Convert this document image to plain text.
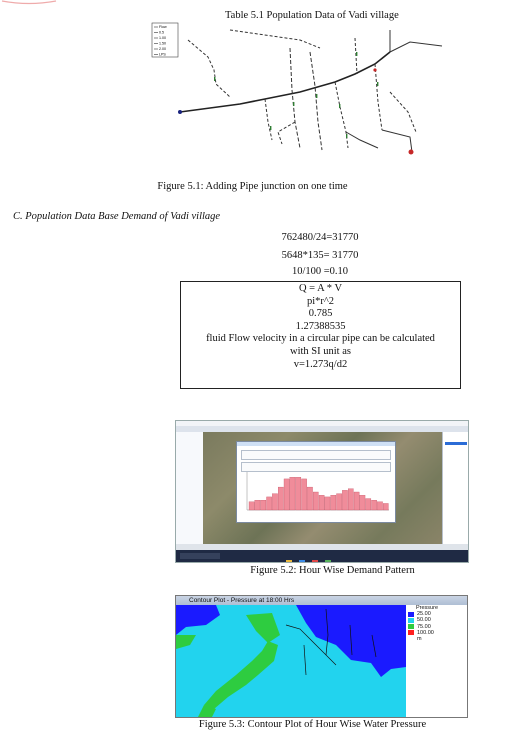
Table 5.1 Population Data of Vadi village
Flow
0.5
1.00
1.50
2.00
LPS
Figure 5.1: Adding Pipe junction on one time
C. Population Data Base Demand of Vadi village
762480/24=31770
5648*135= 31770
10/100 =0.10
Q = A * V
pi*r^2
0.785
1.27388535
fluid Flow velocity in a circular pipe can be calculated
with SI unit as
v=1.273q/d2

Figure 5.2: Hour Wise Demand Pattern
Contour Plot - Pressure at 18:00 Hrs
Pressure
25.00
50.00
75.00
100.00
m
Figure 5.3: Contour Plot of Hour Wise Water Pressure
